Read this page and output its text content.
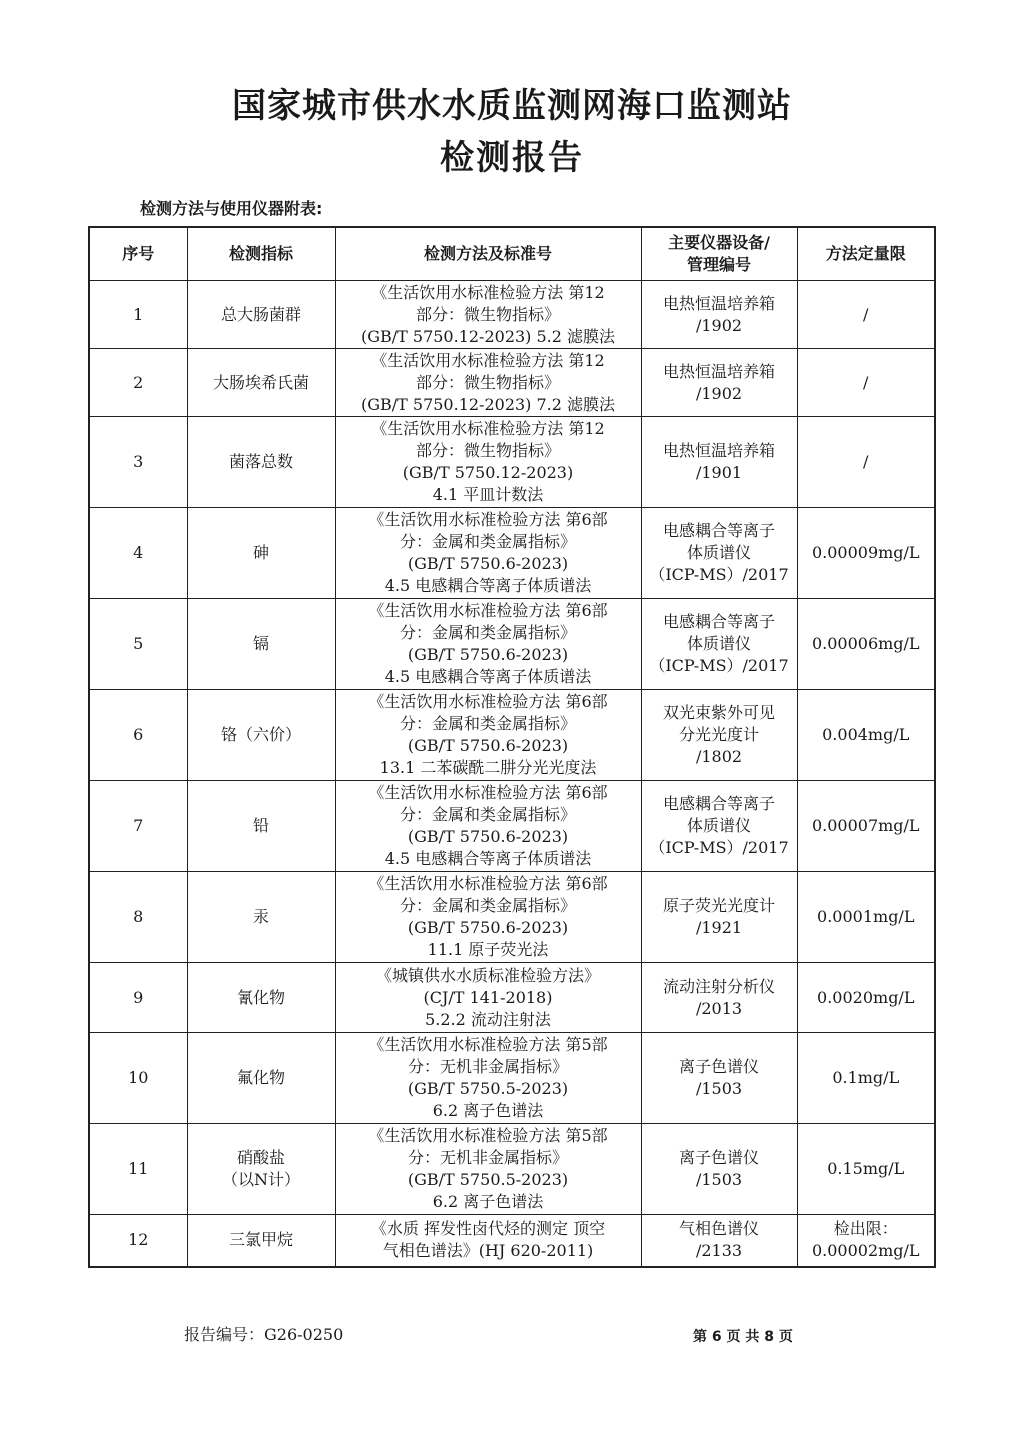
国家城市供水水质监测网海口监测站
检测报告
检测方法与使用仪器附表:
序号	检测指标	检测方法及标准号	主要仪器设备/
管理编号	方法定量限
1	总大肠菌群	《生活饮用水标准检验方法 第12
部分：微生物指标》
(GB/T 5750.12-2023) 5.2 滤膜法	电热恒温培养箱
/1902	/
2	大肠埃希氏菌	《生活饮用水标准检验方法 第12
部分：微生物指标》
(GB/T 5750.12-2023) 7.2 滤膜法	电热恒温培养箱
/1902	/
3	菌落总数	《生活饮用水标准检验方法 第12
部分：微生物指标》
(GB/T 5750.12-2023)
4.1 平皿计数法	电热恒温培养箱
/1901	/
4	砷	《生活饮用水标准检验方法 第6部
分：金属和类金属指标》
(GB/T 5750.6-2023)
4.5 电感耦合等离子体质谱法	电感耦合等离子
体质谱仪
（ICP-MS）/2017	0.00009mg/L
5	镉	《生活饮用水标准检验方法 第6部
分：金属和类金属指标》
(GB/T 5750.6-2023)
4.5 电感耦合等离子体质谱法	电感耦合等离子
体质谱仪
（ICP-MS）/2017	0.00006mg/L
6	铬（六价）	《生活饮用水标准检验方法 第6部
分：金属和类金属指标》
(GB/T 5750.6-2023)
13.1 二苯碳酰二肼分光光度法	双光束紫外可见
分光光度计
/1802	0.004mg/L
7	铅	《生活饮用水标准检验方法 第6部
分：金属和类金属指标》
(GB/T 5750.6-2023)
4.5 电感耦合等离子体质谱法	电感耦合等离子
体质谱仪
（ICP-MS）/2017	0.00007mg/L
8	汞	《生活饮用水标准检验方法 第6部
分：金属和类金属指标》
(GB/T 5750.6-2023)
11.1 原子荧光法	原子荧光光度计
/1921	0.0001mg/L
9	氰化物	《城镇供水水质标准检验方法》
(CJ/T 141-2018)
5.2.2 流动注射法	流动注射分析仪
/2013	0.0020mg/L
10	氟化物	《生活饮用水标准检验方法 第5部
分：无机非金属指标》
(GB/T 5750.5-2023)
6.2 离子色谱法	离子色谱仪
/1503	0.1mg/L
11	硝酸盐
（以N计）	《生活饮用水标准检验方法 第5部
分：无机非金属指标》
(GB/T 5750.5-2023)
6.2 离子色谱法	离子色谱仪
/1503	0.15mg/L
12	三氯甲烷	《水质 挥发性卤代烃的测定 顶空
气相色谱法》(HJ 620-2011)	气相色谱仪
/2133	检出限：
0.00002mg/L
报告编号：G26-0250	第 6 页 共 8 页
